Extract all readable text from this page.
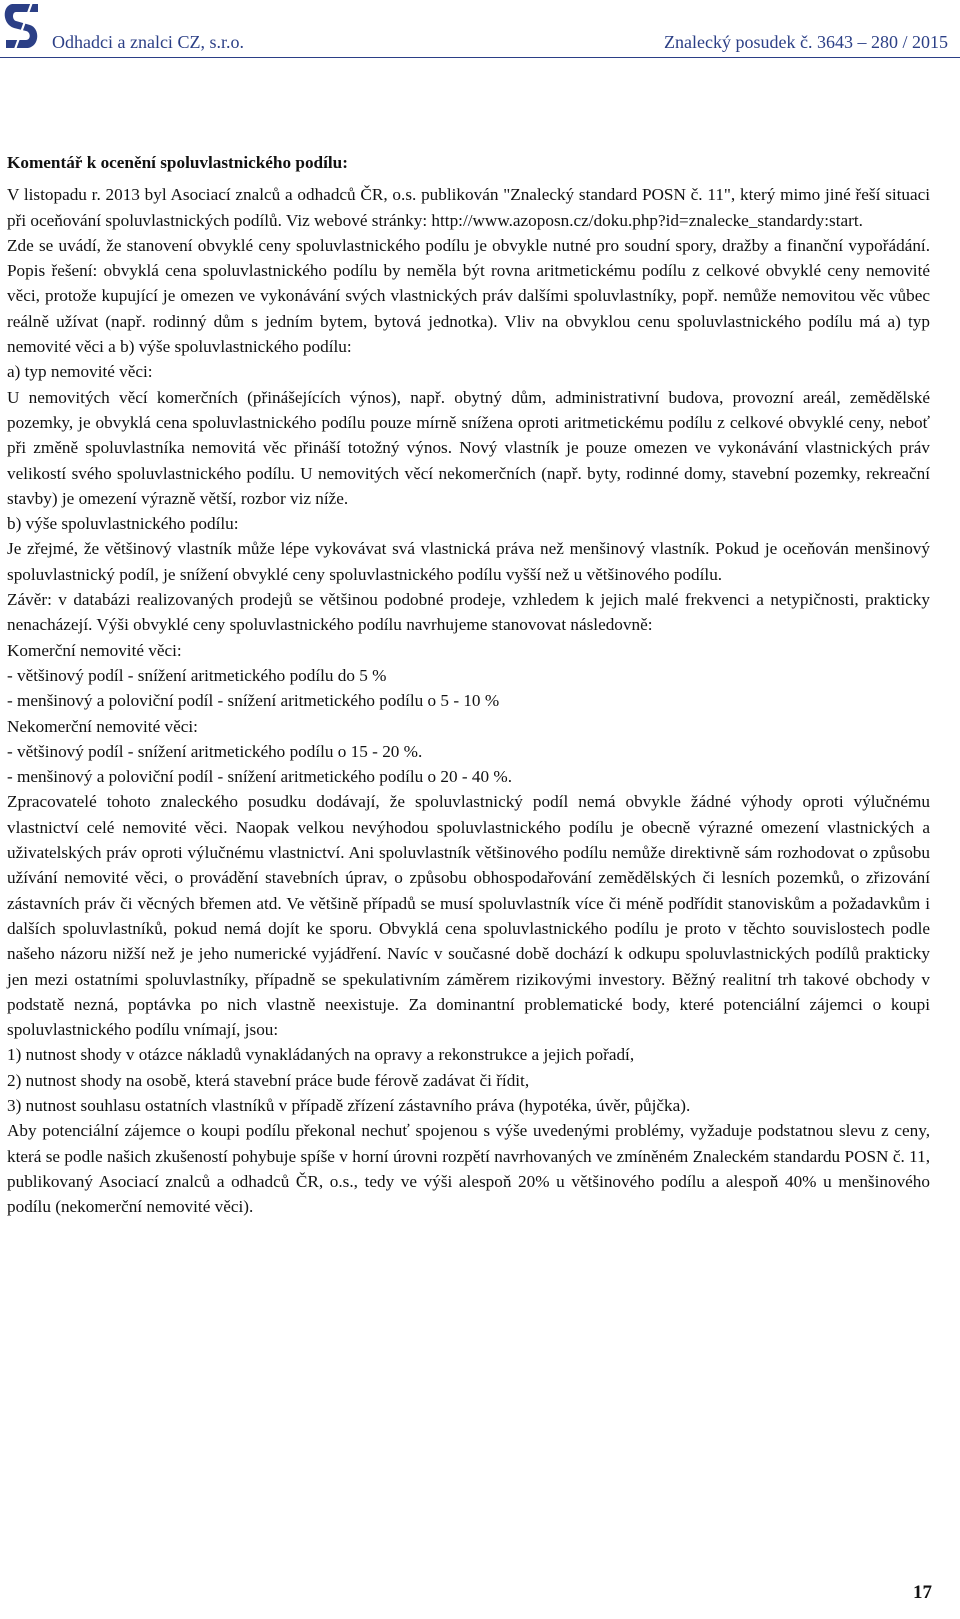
Odhadci a znalci CZ, s.r.o.	Znalecký posudek č. 3643 – 280 / 2015

Komentář k ocenění spoluvlastnického podílu:

V listopadu r. 2013 byl Asociací znalců a odhadců ČR, o.s. publikován "Znalecký standard POSN č. 11", který mimo jiné řeší situaci při oceňování spoluvlastnických podílů. Viz webové stránky: http://www.azoposn.cz/doku.php?id=znalecke_standardy:start.

Zde se uvádí, že stanovení obvyklé ceny spoluvlastnického podílu je obvykle nutné pro soudní spory, dražby a finanční vypořádání. Popis řešení: obvyklá cena spoluvlastnického podílu by neměla být rovna aritmetickému podílu z celkové obvyklé ceny nemovité věci, protože kupující je omezen ve vykonávání svých vlastnických práv dalšími spoluvlastníky, popř. nemůže nemovitou věc vůbec reálně užívat (např. rodinný dům s jedním bytem, bytová jednotka). Vliv na obvyklou cenu spoluvlastnického podílu má a) typ nemovité věci a b) výše spoluvlastnického podílu:

a) typ nemovité věci:

U nemovitých věcí komerčních (přinášejících výnos), např. obytný dům, administrativní budova, provozní areál, zemědělské pozemky, je obvyklá cena spoluvlastnického podílu pouze mírně snížena oproti aritmetickému podílu z celkové obvyklé ceny, neboť při změně spoluvlastníka nemovitá věc přináší totožný výnos. Nový vlastník je pouze omezen ve vykonávání vlastnických práv velikostí svého spoluvlastnického podílu. U nemovitých věcí nekomerčních (např. byty, rodinné domy, stavební pozemky, rekreační stavby) je omezení výrazně větší, rozbor viz níže.

b) výše spoluvlastnického podílu:

Je zřejmé, že většinový vlastník může lépe vykovávat svá vlastnická práva než menšinový vlastník. Pokud je oceňován menšinový spoluvlastnický podíl, je snížení obvyklé ceny spoluvlastnického podílu vyšší než u většinového podílu.

Závěr: v databázi realizovaných prodejů se většinou podobné prodeje, vzhledem k jejich malé frekvenci a netypičnosti, prakticky nenacházejí. Výši obvyklé ceny spoluvlastnického podílu navrhujeme stanovovat následovně:

Komerční nemovité věci:

- většinový podíl - snížení aritmetického podílu do 5 %

- menšinový a poloviční podíl - snížení aritmetického podílu o 5 - 10 %

Nekomerční nemovité věci:

- většinový podíl - snížení aritmetického podílu o 15 - 20 %.

- menšinový a poloviční podíl - snížení aritmetického podílu o 20 - 40 %.

Zpracovatelé tohoto znaleckého posudku dodávají, že spoluvlastnický podíl nemá obvykle žádné výhody oproti výlučnému vlastnictví celé nemovité věci. Naopak velkou nevýhodou spoluvlastnického podílu je obecně výrazné omezení vlastnických a uživatelských práv oproti výlučnému vlastnictví. Ani spoluvlastník většinového podílu nemůže direktivně sám rozhodovat o způsobu užívání nemovité věci, o provádění stavebních úprav, o způsobu obhospodařování zemědělských či lesních pozemků, o zřizování zástavních práv či věcných břemen atd. Ve většině případů se musí spoluvlastník více či méně podřídit stanoviskům a požadavkům i dalších spoluvlastníků, pokud nemá dojít ke sporu. Obvyklá cena spoluvlastnického podílu je proto v těchto souvislostech podle našeho názoru nižší než je jeho numerické vyjádření. Navíc v současné době dochází k odkupu spoluvlastnických podílů prakticky jen mezi ostatními spoluvlastníky, případně se spekulativním záměrem rizikovými investory. Běžný realitní trh takové obchody v podstatě nezná, poptávka po nich vlastně neexistuje. Za dominantní problematické body, které potenciální zájemci o koupi spoluvlastnického podílu vnímají, jsou:

1) nutnost shody v otázce nákladů vynakládaných na opravy a rekonstrukce a jejich pořadí,

2) nutnost shody na osobě, která stavební práce bude férově zadávat či řídit,

3) nutnost souhlasu ostatních vlastníků v případě zřízení zástavního práva (hypotéka, úvěr, půjčka).

Aby potenciální zájemce o koupi podílu překonal nechuť spojenou s výše uvedenými problémy, vyžaduje podstatnou slevu z ceny, která se podle našich zkušeností pohybuje spíše v horní úrovni rozpětí navrhovaných ve zmíněném Znaleckém standardu POSN č. 11, publikovaný Asociací znalců a odhadců ČR, o.s., tedy ve výši alespoň 20% u většinového podílu a alespoň 40% u menšinového podílu (nekomerční nemovité věci).

17
